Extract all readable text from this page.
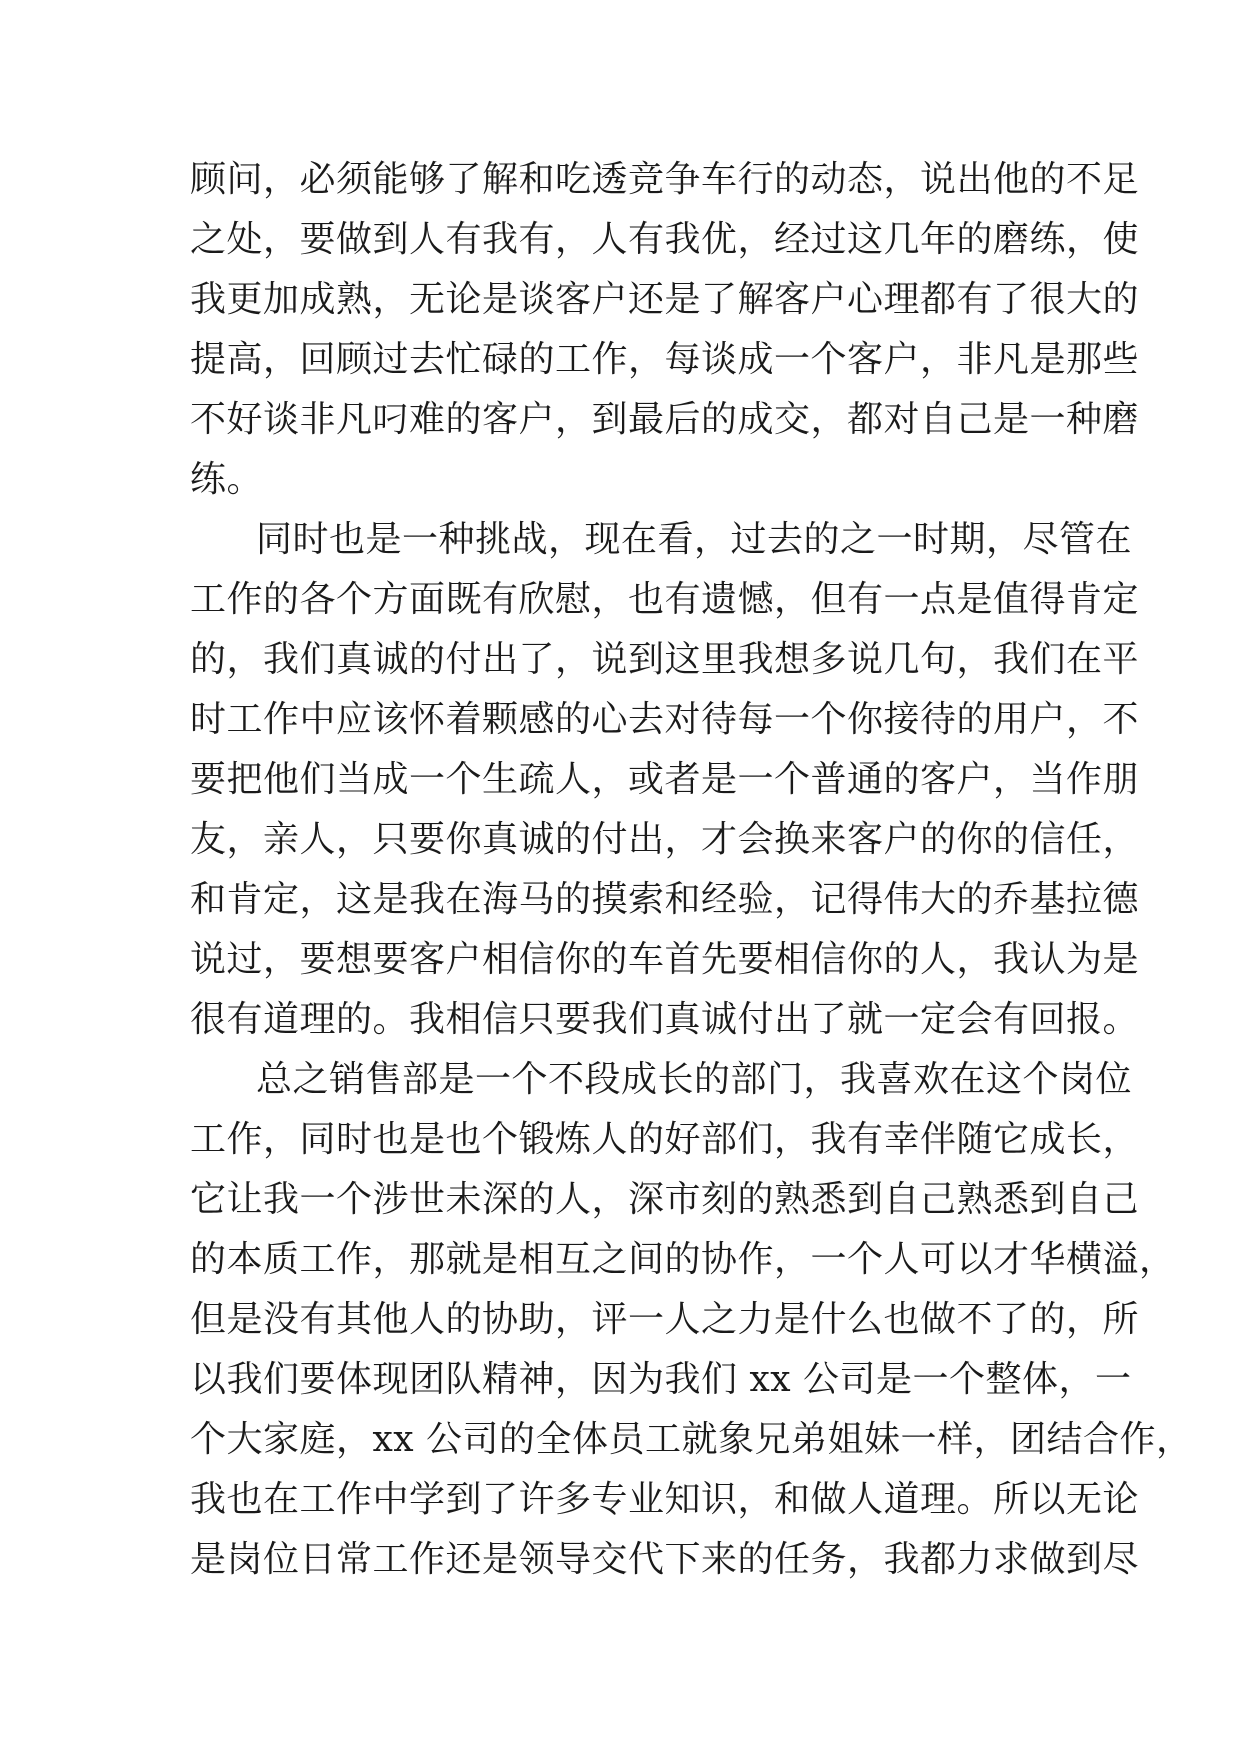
顾问，必须能够了解和吃透竞争车行的动态，说出他的不足
之处，要做到人有我有，人有我优，经过这几年的磨练，使
我更加成熟，无论是谈客户还是了解客户心理都有了很大的
提高，回顾过去忙碌的工作，每谈成一个客户，非凡是那些
不好谈非凡叼难的客户，到最后的成交，都对自己是一种磨
练。
同时也是一种挑战，现在看，过去的之一时期，尽管在
工作的各个方面既有欣慰，也有遗憾，但有一点是值得肯定
的，我们真诚的付出了，说到这里我想多说几句，我们在平
时工作中应该怀着颗感的心去对待每一个你接待的用户，不
要把他们当成一个生疏人，或者是一个普通的客户，当作朋
友，亲人，只要你真诚的付出，才会换来客户的你的信任，
和肯定，这是我在海马的摸索和经验，记得伟大的乔基拉德
说过，要想要客户相信你的车首先要相信你的人，我认为是
很有道理的。我相信只要我们真诚付出了就一定会有回报。
总之销售部是一个不段成长的部门，我喜欢在这个岗位
工作，同时也是也个锻炼人的好部们，我有幸伴随它成长，
它让我一个涉世未深的人，深市刻的熟悉到自己熟悉到自己
的本质工作，那就是相互之间的协作，一个人可以才华横溢，
但是没有其他人的协助，评一人之力是什么也做不了的，所
以我们要体现团队精神，因为我们 xx 公司是一个整体，一
个大家庭，xx 公司的全体员工就象兄弟姐妹一样，团结合作，
我也在工作中学到了许多专业知识，和做人道理。所以无论
是岗位日常工作还是领导交代下来的任务，我都力求做到尽
